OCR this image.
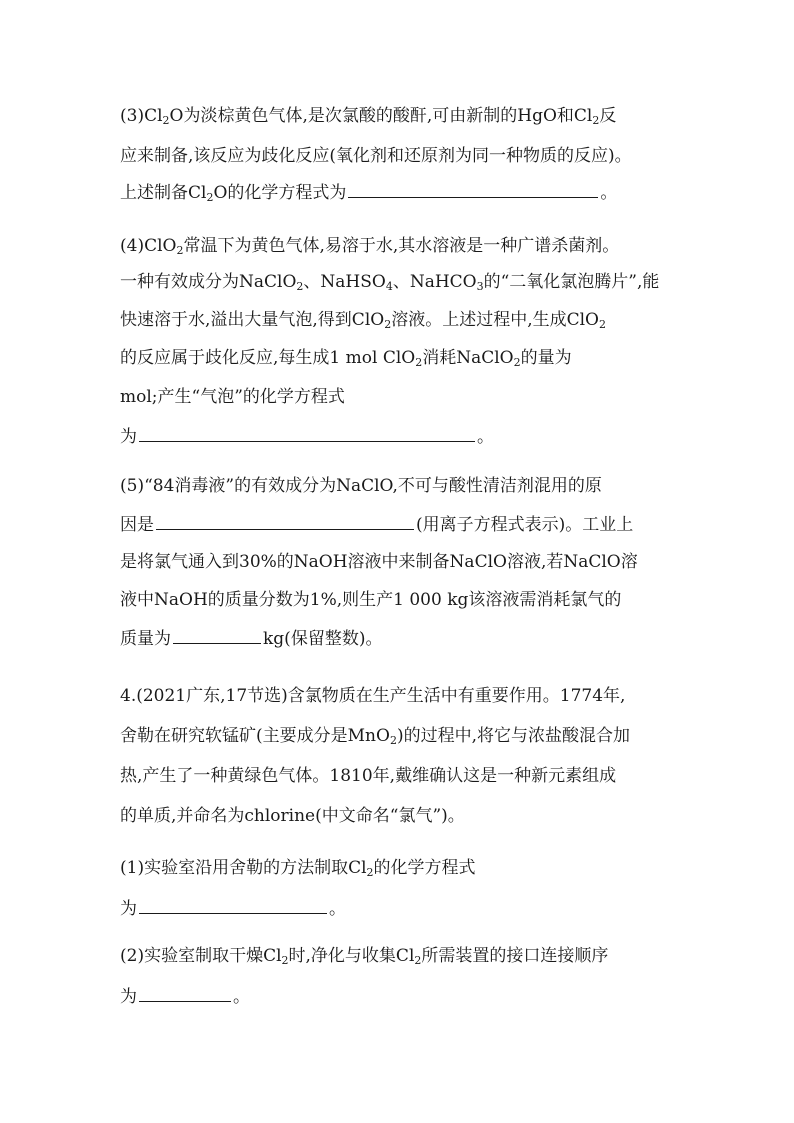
$(3)Cl_2O$为淡棕黄色气体,是次氯酸的酸酐,可由新制的HgO和$Cl_2$反
应来制备,该反应为歧化反应(氧化剂和还原剂为同一种物质的反应)。
上述制备$Cl_2O$的化学方程式为	。
(4)ClO$_2$常温下为黄色气体,易溶于水,其水溶液是一种广谱杀菌剂。
一种有效成分为NaClO$_2$、NaHSO$_4$、NaHCO$_3$的“二氧化氯泡腾片”,能
快速溶于水,溢出大量气泡,得到ClO$_2$溶液。上述过程中,生成ClO$_2$
的反应属于歧化反应,每生成1 mol ClO$_2$消耗NaClO$_2$的量为
mol;产生“气泡”的化学方程式
为	。
(5)“84消毒液”的有效成分为NaClO,不可与酸性清洁剂混用的原
因是	(用离子方程式表示)。工业上
是将氯气通入到30%的NaOH溶液中来制备NaClO溶液,若NaClO溶
液中NaOH的质量分数为1%,则生产1 000 kg该溶液需消耗氯气的
质量为	kg(保留整数)。
4.(2021广东,17节选)含氯物质在生产生活中有重要作用。1774年,
舍勒在研究软锰矿(主要成分是MnO$_2$)的过程中,将它与浓盐酸混合加
热,产生了一种黄绿色气体。1810年,戴维确认这是一种新元素组成
的单质,并命名为chlorine(中文命名“氯气”)。
(1)实验室沿用舍勒的方法制取$Cl_2$的化学方程式
为	。
(2)实验室制取干燥$Cl_2$时,净化与收集$Cl_2$所需装置的接口连接顺序
为	。
